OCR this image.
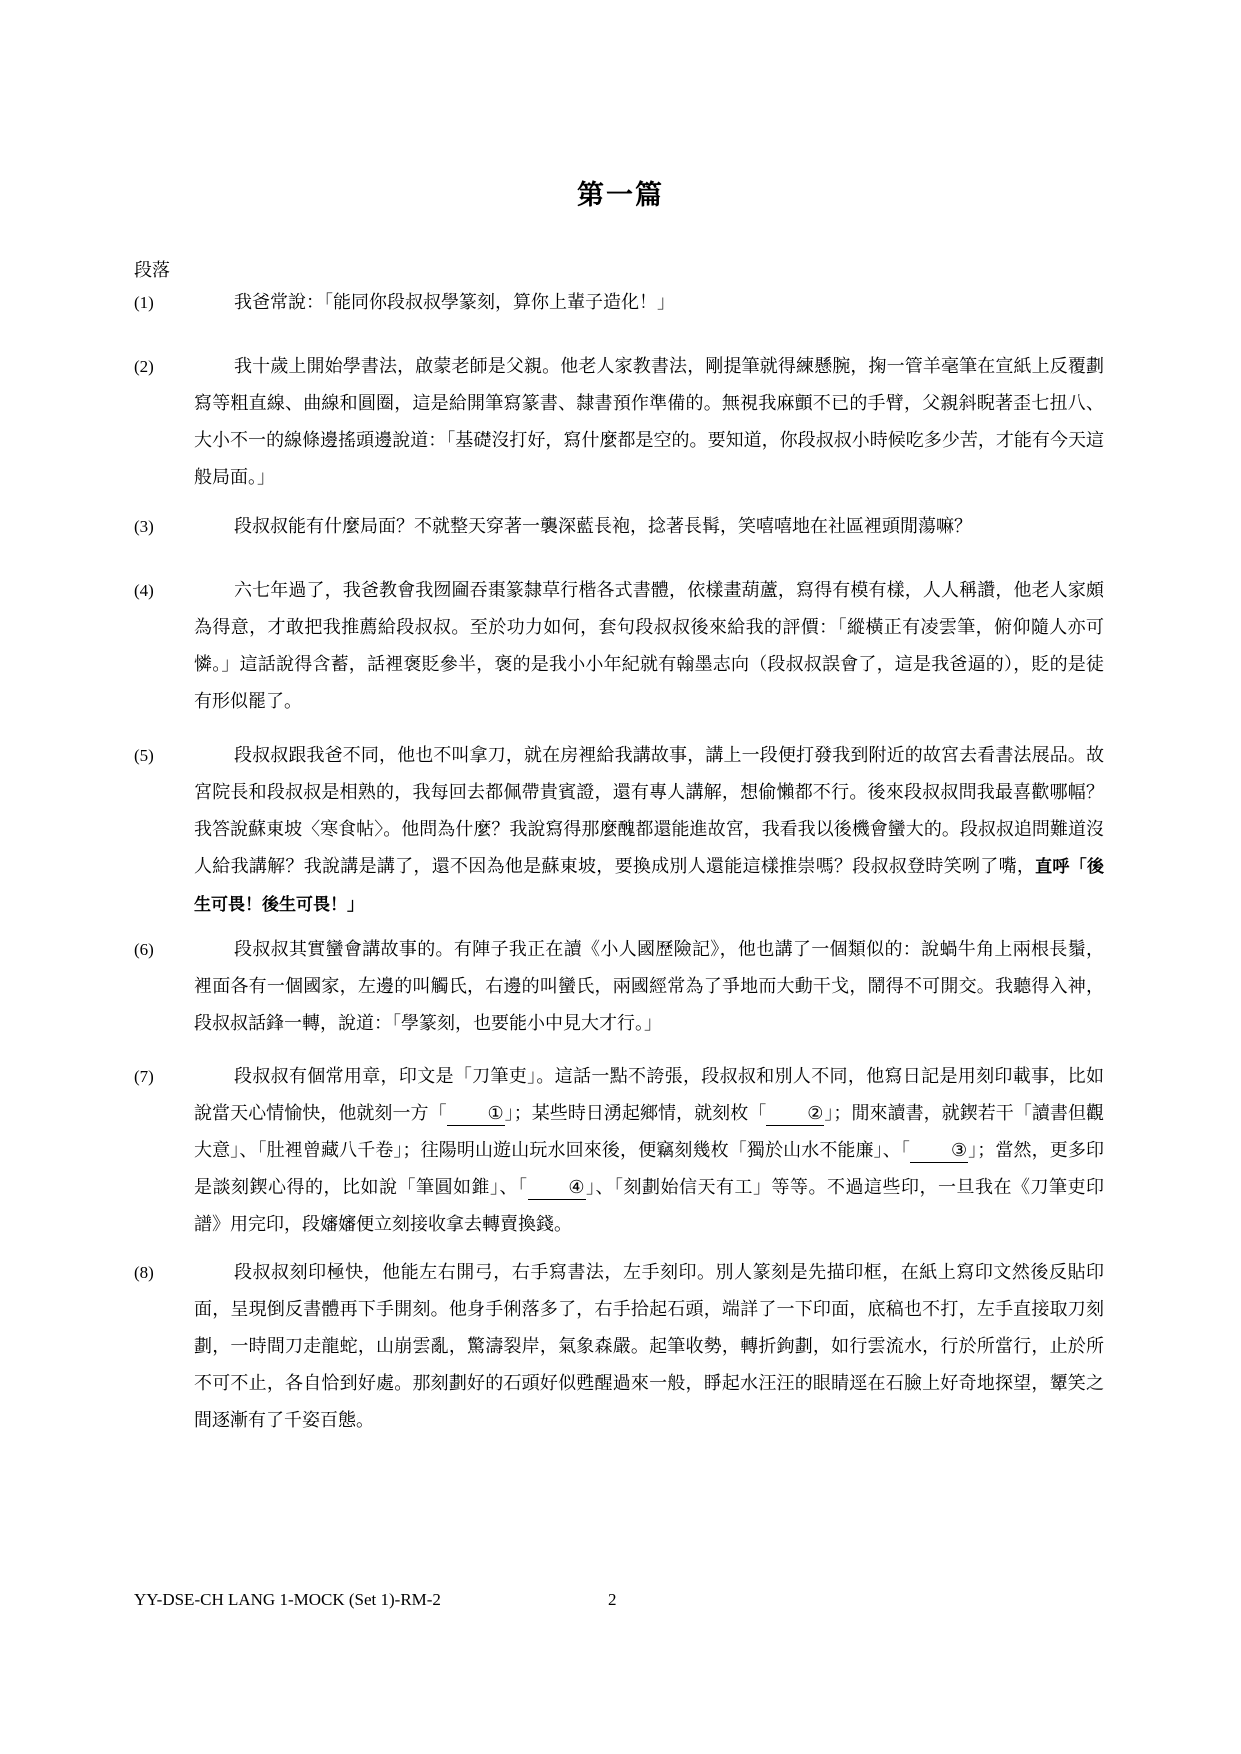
第一篇
段落
(1)	我爸常說：「能同你段叔叔學篆刻，算你上輩子造化！」
(2)	我十歲上開始學書法，啟蒙老師是父親。他老人家教書法，剛提筆就得練懸腕，掬一管羊毫筆在宣紙上反覆劃寫等粗直線、曲線和圓圈，這是給開筆寫篆書、隸書預作準備的。無視我麻顫不已的手臂，父親斜睨著歪七扭八、大小不一的線條邊搖頭邊說道：「基礎沒打好，寫什麼都是空的。要知道，你段叔叔小時候吃多少苦，才能有今天這般局面。」
(3)	段叔叔能有什麼局面？不就整天穿著一襲深藍長袍，捻著長髯，笑嘻嘻地在社區裡頭閒蕩嘛？
(4)	六七年過了，我爸教會我囫圇吞棗篆隸草行楷各式書體，依樣畫葫蘆，寫得有模有樣，人人稱讚，他老人家頗為得意，才敢把我推薦給段叔叔。至於功力如何，套句段叔叔後來給我的評價：「縱橫正有凌雲筆，俯仰隨人亦可憐。」這話說得含蓄，話裡褒貶參半，褒的是我小小年紀就有翰墨志向（段叔叔誤會了，這是我爸逼的），貶的是徒有形似罷了。
(5)	段叔叔跟我爸不同，他也不叫拿刀，就在房裡給我講故事，講上一段便打發我到附近的故宮去看書法展品。故宮院長和段叔叔是相熟的，我每回去都佩帶貴賓證，還有專人講解，想偷懶都不行。後來段叔叔問我最喜歡哪幅？我答說蘇東坡〈寒食帖〉。他問為什麼？我說寫得那麼醜都還能進故宮，我看我以後機會蠻大的。段叔叔追問難道沒人給我講解？我說講是講了，還不因為他是蘇東坡，要換成別人還能這樣推崇嗎？段叔叔登時笑咧了嘴，直呼「後生可畏！後生可畏！」
(6)	段叔叔其實蠻會講故事的。有陣子我正在讀《小人國歷險記》，他也講了一個類似的：說蝸牛角上兩根長鬚，裡面各有一個國家，左邊的叫觸氏，右邊的叫蠻氏，兩國經常為了爭地而大動干戈，鬧得不可開交。我聽得入神，段叔叔話鋒一轉，說道：「學篆刻，也要能小中見大才行。」
(7)	段叔叔有個常用章，印文是「刀筆吏」。這話一點不誇張，段叔叔和別人不同，他寫日記是用刻印載事，比如說當天心情愉快，他就刻一方「 ①」；某些時日湧起鄉情，就刻枚「 ②」；閒來讀書，就鍥若干「讀書但觀大意」、「肚裡曾藏八千卷」；往陽明山遊山玩水回來後，便竊刻幾枚「獨於山水不能廉」、「 ③」；當然，更多印是談刻鍥心得的，比如說「筆圓如錐」、「 ④」、「刻劃始信天有工」等等。不過這些印，一旦我在《刀筆吏印譜》用完印，段嬸嬸便立刻接收拿去轉賣換錢。
(8)	段叔叔刻印極快，他能左右開弓，右手寫書法，左手刻印。別人篆刻是先描印框，在紙上寫印文然後反貼印面，呈現倒反書體再下手開刻。他身手俐落多了，右手拾起石頭，端詳了一下印面，底稿也不打，左手直接取刀刻劃，一時間刀走龍蛇，山崩雲亂，驚濤裂岸，氣象森嚴。起筆收勢，轉折鉤劃，如行雲流水，行於所當行，止於所不可不止，各自恰到好處。那刻劃好的石頭好似甦醒過來一般，睜起水汪汪的眼睛逕在石臉上好奇地探望，顰笑之間逐漸有了千姿百態。
YY-DSE-CH LANG 1-MOCK (Set 1)-RM-2	2
